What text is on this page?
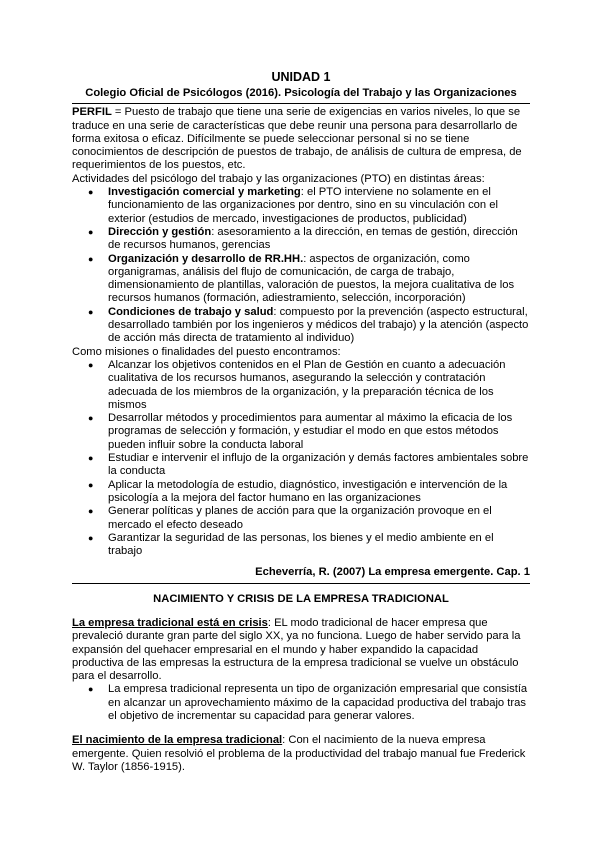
UNIDAD 1
Colegio Oficial de Psicólogos (2016). Psicología del Trabajo y las Organizaciones

PERFIL = Puesto de trabajo que tiene una serie de exigencias en varios niveles, lo que se traduce en una serie de características que debe reunir una persona para desarrollarlo de forma exitosa o eficaz. Difícilmente se puede seleccionar personal si no se tiene conocimientos de descripción de puestos de trabajo, de análisis de cultura de empresa, de requerimientos de los puestos, etc.

Actividades del psicólogo del trabajo y las organizaciones (PTO) en distintas áreas:

● Investigación comercial y marketing: el PTO interviene no solamente en el funcionamiento de las organizaciones por dentro, sino en su vinculación con el exterior (estudios de mercado, investigaciones de productos, publicidad)
● Dirección y gestión: asesoramiento a la dirección, en temas de gestión, dirección de recursos humanos, gerencias
● Organización y desarrollo de RR.HH.: aspectos de organización, como organigramas, análisis del flujo de comunicación, de carga de trabajo, dimensionamiento de plantillas, valoración de puestos, la mejora cualitativa de los recursos humanos (formación, adiestramiento, selección, incorporación)
● Condiciones de trabajo y salud: compuesto por la prevención (aspecto estructural, desarrollado también por los ingenieros y médicos del trabajo) y la atención (aspecto de acción más directa de tratamiento al individuo)

Como misiones o finalidades del puesto encontramos:

● Alcanzar los objetivos contenidos en el Plan de Gestión en cuanto a adecuación cualitativa de los recursos humanos, asegurando la selección y contratación adecuada de los miembros de la organización, y la preparación técnica de los mismos
● Desarrollar métodos y procedimientos para aumentar al máximo la eficacia de los programas de selección y formación, y estudiar el modo en que estos métodos pueden influir sobre la conducta laboral
● Estudiar e intervenir el influjo de la organización y demás factores ambientales sobre la conducta
● Aplicar la metodología de estudio, diagnóstico, investigación e intervención de la psicología a la mejora del factor humano en las organizaciones
● Generar políticas y planes de acción para que la organización provoque en el mercado el efecto deseado
● Garantizar la seguridad de las personas, los bienes y el medio ambiente en el trabajo
Echeverría, R. (2007) La empresa emergente. Cap. 1
NACIMIENTO Y CRISIS DE LA EMPRESA TRADICIONAL

La empresa tradicional está en crisis: EL modo tradicional de hacer empresa que prevaleció durante gran parte del siglo XX, ya no funciona. Luego de haber servido para la expansión del quehacer empresarial en el mundo y haber expandido la capacidad productiva de las empresas la estructura de la empresa tradicional se vuelve un obstáculo para el desarrollo.

● La empresa tradicional representa un tipo de organización empresarial que consistía en alcanzar un aprovechamiento máximo de la capacidad productiva del trabajo tras el objetivo de incrementar su capacidad para generar valores.

El nacimiento de la empresa tradicional: Con el nacimiento de la nueva empresa emergente. Quien resolvió el problema de la productividad del trabajo manual fue Frederick W. Taylor (1856-1915).
